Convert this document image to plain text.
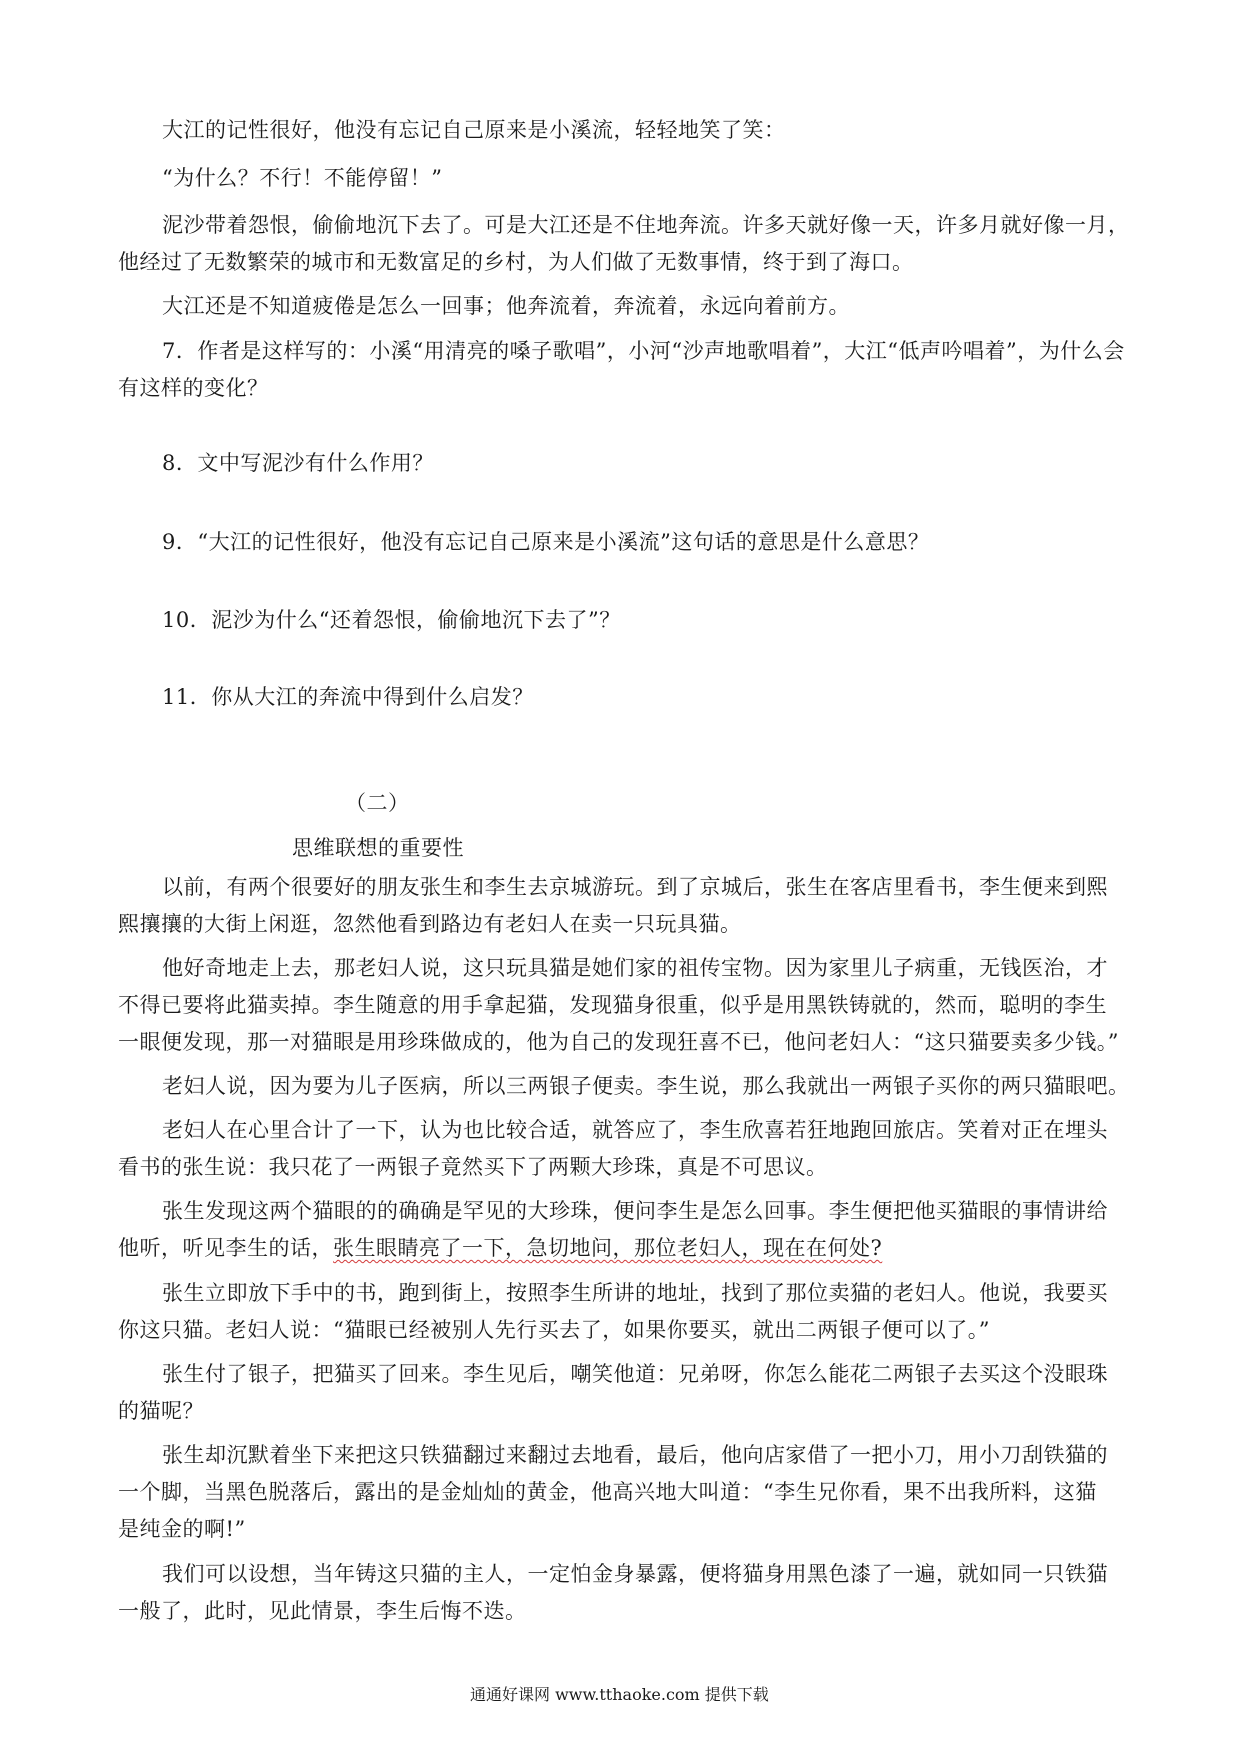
大江的记性很好，他没有忘记自己原来是小溪流，轻轻地笑了笑：
“为什么？不行！不能停留！”
泥沙带着怨恨，偷偷地沉下去了。可是大江还是不住地奔流。许多天就好像一天，许多月就好像一月，
他经过了无数繁荣的城市和无数富足的乡村，为人们做了无数事情，终于到了海口。
大江还是不知道疲倦是怎么一回事；他奔流着，奔流着，永远向着前方。
7．作者是这样写的：小溪“用清亮的嗓子歌唱”，小河“沙声地歌唱着”，大江“低声吟唱着”，为什么会
有这样的变化？
8．文中写泥沙有什么作用？
9．“大江的记性很好，他没有忘记自己原来是小溪流”这句话的意思是什么意思？
10．泥沙为什么“还着怨恨，偷偷地沉下去了”？
11．你从大江的奔流中得到什么启发？
（二）
思维联想的重要性
以前，有两个很要好的朋友张生和李生去京城游玩。到了京城后，张生在客店里看书，李生便来到熙
熙攘攘的大街上闲逛，忽然他看到路边有老妇人在卖一只玩具猫。
他好奇地走上去，那老妇人说，这只玩具猫是她们家的祖传宝物。因为家里儿子病重，无钱医治，才
不得已要将此猫卖掉。李生随意的用手拿起猫，发现猫身很重，似乎是用黑铁铸就的，然而，聪明的李生
一眼便发现，那一对猫眼是用珍珠做成的，他为自己的发现狂喜不已，他问老妇人：“这只猫要卖多少钱。”
老妇人说，因为要为儿子医病，所以三两银子便卖。李生说，那么我就出一两银子买你的两只猫眼吧。
老妇人在心里合计了一下，认为也比较合适，就答应了，李生欣喜若狂地跑回旅店。笑着对正在埋头
看书的张生说：我只花了一两银子竟然买下了两颗大珍珠，真是不可思议。
张生发现这两个猫眼的的确确是罕见的大珍珠，便问李生是怎么回事。李生便把他买猫眼的事情讲给
他听，听见李生的话，张生眼睛亮了一下，急切地问，那位老妇人，现在在何处?
张生立即放下手中的书，跑到街上，按照李生所讲的地址，找到了那位卖猫的老妇人。他说，我要买
你这只猫。老妇人说：“猫眼已经被别人先行买去了，如果你要买，就出二两银子便可以了。”
张生付了银子，把猫买了回来。李生见后，嘲笑他道：兄弟呀，你怎么能花二两银子去买这个没眼珠
的猫呢？
张生却沉默着坐下来把这只铁猫翻过来翻过去地看，最后，他向店家借了一把小刀，用小刀刮铁猫的
一个脚，当黑色脱落后，露出的是金灿灿的黄金，他高兴地大叫道：“李生兄你看，果不出我所料，这猫
是纯金的啊!”
我们可以设想，当年铸这只猫的主人，一定怕金身暴露，便将猫身用黑色漆了一遍，就如同一只铁猫
一般了，此时，见此情景，李生后悔不迭。
通通好课网 www.tthaoke.com 提供下载
